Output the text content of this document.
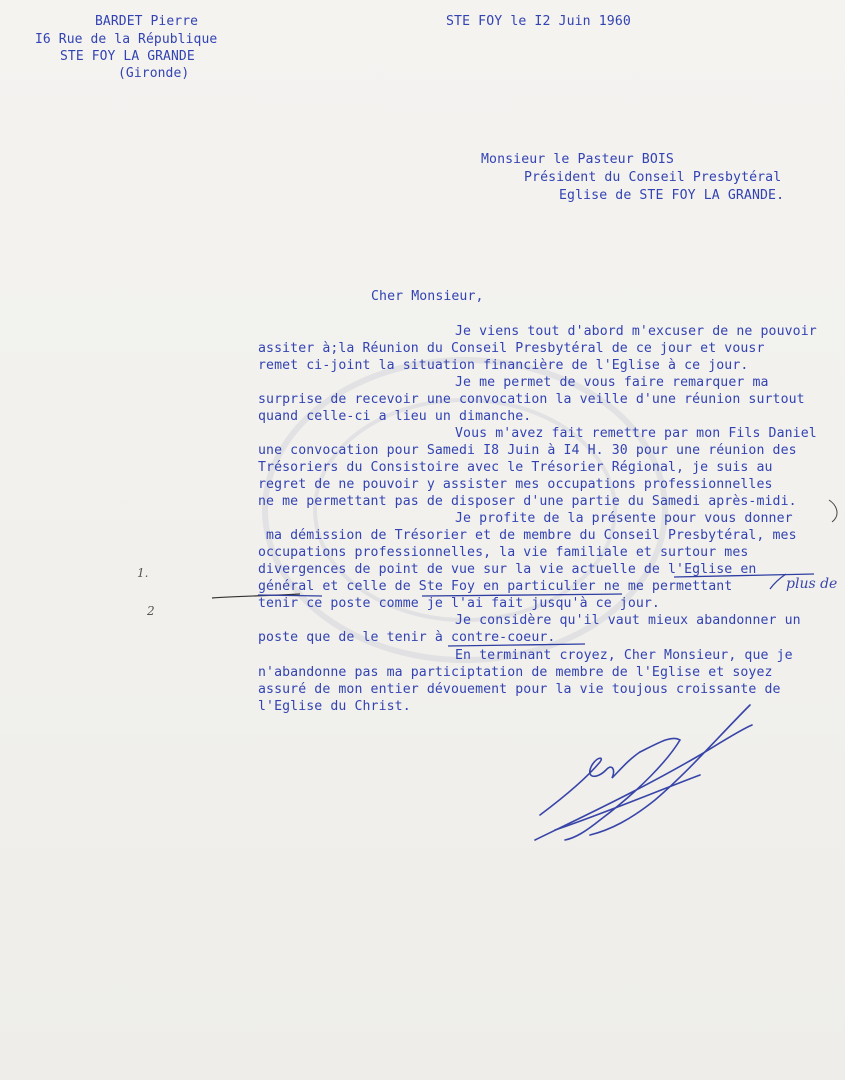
BARDET Pierre
I6 Rue de la République
STE FOY LA GRANDE
(Gironde)
STE FOY le I2 Juin 1960
Monsieur le Pasteur BOIS
Président du Conseil Presbytéral
Eglise de STE FOY LA GRANDE.
Cher Monsieur,
Je viens tout d'abord m'excuser de ne pouvoir
assiter à;la Réunion du Conseil Presbytéral de ce jour et vousr
remet ci-joint la situation financière de l'Eglise à ce jour.
Je me permet de vous faire remarquer ma
surprise de recevoir une convocation la veille d'une réunion surtout
quand celle-ci a lieu un dimanche.
Vous m'avez fait remettre par mon Fils Daniel
une convocation pour Samedi I8 Juin à I4 H. 30 pour une réunion des
Trésoriers du Consistoire avec le Trésorier Régional, je suis au
regret de ne pouvoir y assister mes occupations professionnelles
ne me permettant pas de disposer d'une partie du Samedi après-midi.
Je profite de la présente pour vous donner
ma démission de Trésorier et de membre du Conseil Presbytéral, mes
occupations professionnelles, la vie familiale et surtour mes
divergences de point de vue sur la vie actuelle de l'Eglise en
général et celle de Ste Foy en particulier ne me permettant
tenir ce poste comme je l'ai fait jusqu'à ce jour.
Je considère qu'il vaut mieux abandonner un
poste que de le tenir à contre-coeur.
En terminant croyez, Cher Monsieur, que je
n'abandonne pas ma participtation de membre de l'Eglise et soyez
assuré de mon entier dévouement pour la vie toujous croissante de
l'Eglise du Christ.
1.
2
plus de
